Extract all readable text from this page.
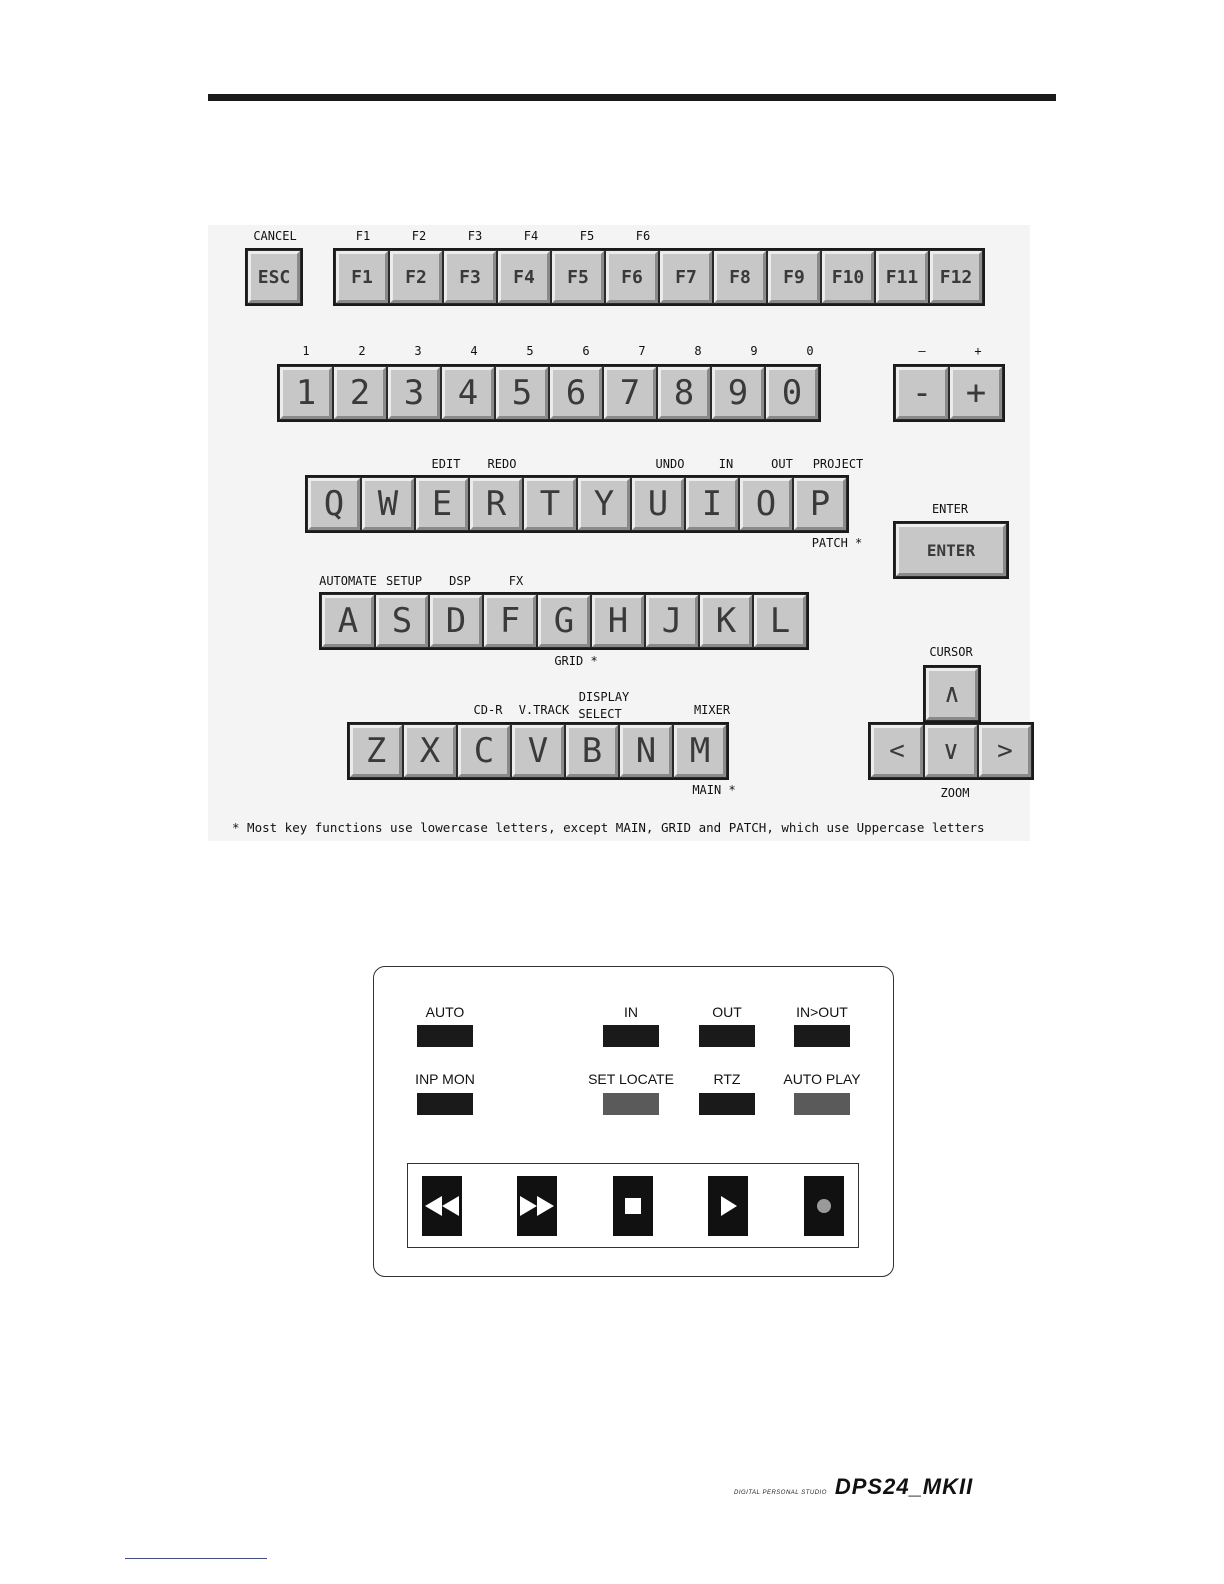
CANCEL
ESC
F1	F2	F3	F4	F5	F6
F1 F2 F3 F4 F5 F6 F7 F8 F9 F10 F11 F12
1	2	3	4	5	6	7	8	9	0
1 2 3 4 5 6 7 8 9 0
–	+
- +
EDIT REDO	UNDO	IN	OUT PROJECT
Q W E R T Y U I O P
PATCH *
ENTER
ENTER
AUTOMATE SETUP DSP	FX
A S D F G H J K L
GRID *
CD-R V.TRACK	MIXER
DISPLAY
SELECT
Z X C V B N M
MAIN *
CURSOR
∧
< ∨ >
ZOOM
* Most key functions use lowercase letters, except MAIN, GRID and PATCH, which use Uppercase letters
AUTO	IN	OUT	IN>OUT
INP MON	SET LOCATE	RTZ	AUTO PLAY
DIGITAL PERSONAL STUDIO DPS24_MKII
